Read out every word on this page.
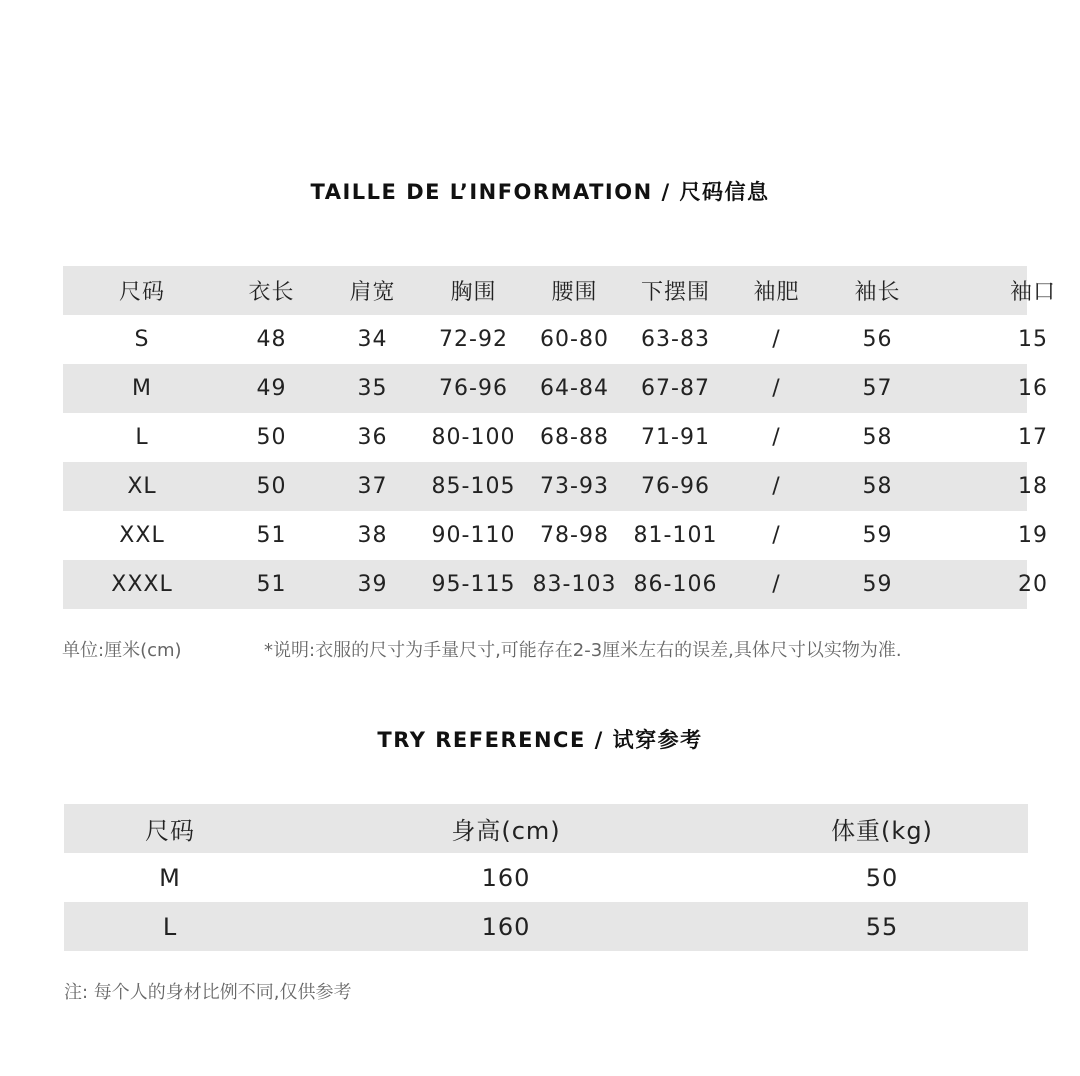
TAILLE DE L’INFORMATION / 尺码信息
尺码	衣长	肩宽	胸围	腰围	下摆围	袖肥	袖长	袖口
S	48	34	72-92	60-80	63-83	/	56	15
M	49	35	76-96	64-84	67-87	/	57	16
L	50	36	80-100	68-88	71-91	/	58	17
XL	50	37	85-105	73-93	76-96	/	58	18
XXL	51	38	90-110	78-98	81-101	/	59	19
XXXL	51	39	95-115 83-103 86-106	/	59	20
单位:厘米(cm)	*说明:衣服的尺寸为手量尺寸,可能存在2-3厘米左右的误差,具体尺寸以实物为准.
TRY REFERENCE / 试穿参考
尺码	身高(cm)	体重(kg)
M	160	50
L	160	55
注: 每个人的身材比例不同,仅供参考
